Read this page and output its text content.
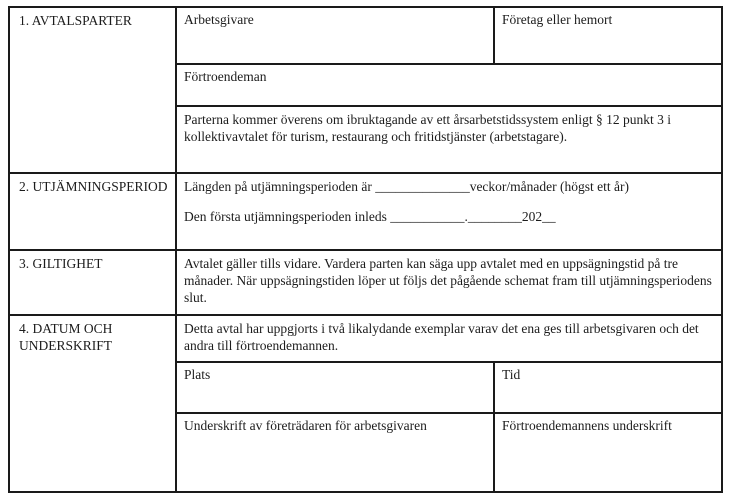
1. AVTALSPARTER	Arbetsgivare	Företag eller hemort
Förtroendeman
Parterna kommer överens om ibruktagande av ett årsarbetstidssystem enligt § 12 punkt 3 i kollektivavtalet för turism, restaurang och fritidstjänster (arbetstagare).
2. UTJÄMNINGSPERIOD	Längden på utjämningsperioden är ______________veckor/månader (högst ett år)
Den första utjämningsperioden inleds ___________.________202__
3. GILTIGHET	Avtalet gäller tills vidare. Vardera parten kan säga upp avtalet med en uppsägningstid på tre månader. När uppsägningstiden löper ut följs det pågående schemat fram till utjämningsperiodens slut.
4. DATUM OCH UNDERSKRIFT
Detta avtal har uppgjorts i två likalydande exemplar varav det ena ges till arbetsgivaren och det andra till förtroendemannen.
Plats	Tid
Underskrift av företrädaren för arbetsgivaren	Förtroendemannens underskrift
